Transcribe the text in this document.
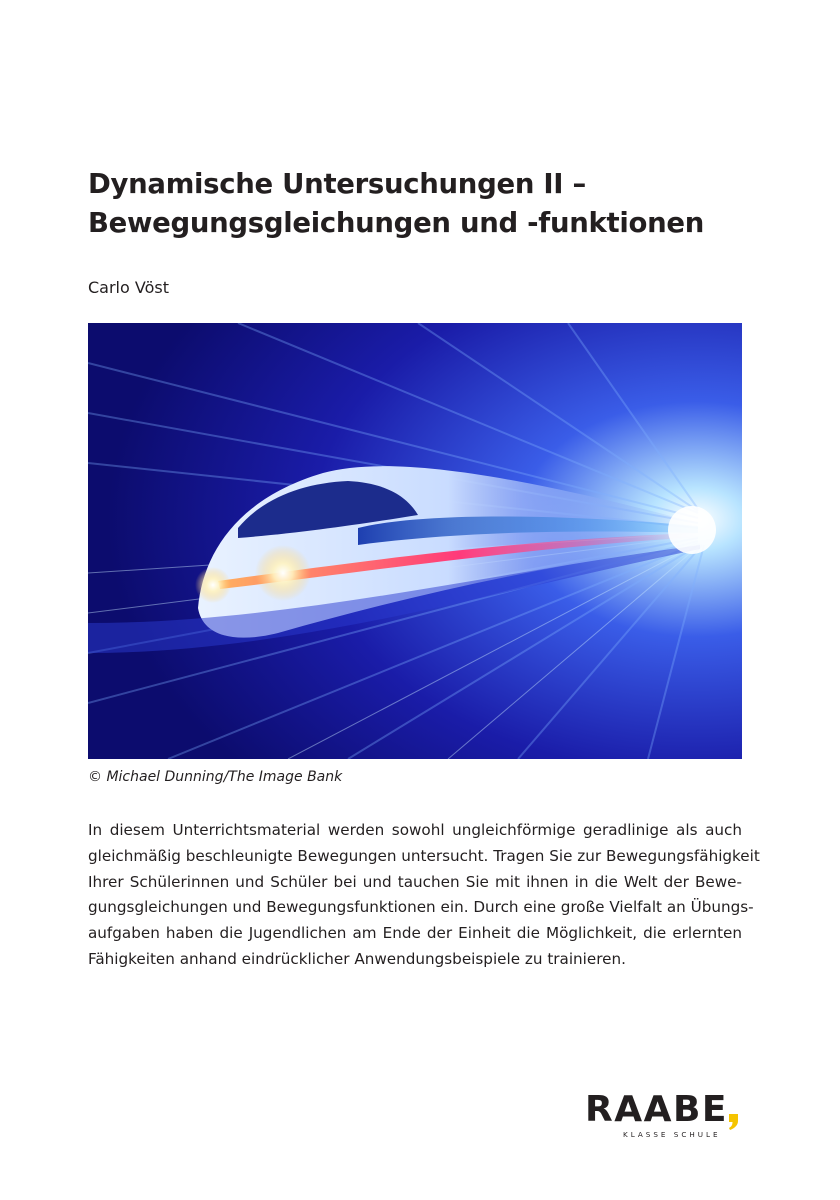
Dynamische Untersuchungen II –
Bewegungsgleichungen und -funktionen
Carlo Vöst
© Michael Dunning/The Image Bank
In diesem Unterrichtsmaterial werden sowohl ungleichförmige geradlinige als auch
gleichmäßig beschleunigte Bewegungen untersucht. Tragen Sie zur Bewegungsfähigkeit
Ihrer Schülerinnen und Schüler bei und tauchen Sie mit ihnen in die Welt der Bewe-
gungsgleichungen und Bewegungsfunktionen ein. Durch eine große Vielfalt an Übungs-
aufgaben haben die Jugendlichen am Ende der Einheit die Möglichkeit, die erlernten
Fähigkeiten anhand eindrücklicher Anwendungsbeispiele zu trainieren.
RAABE
KLASSE SCHULE
